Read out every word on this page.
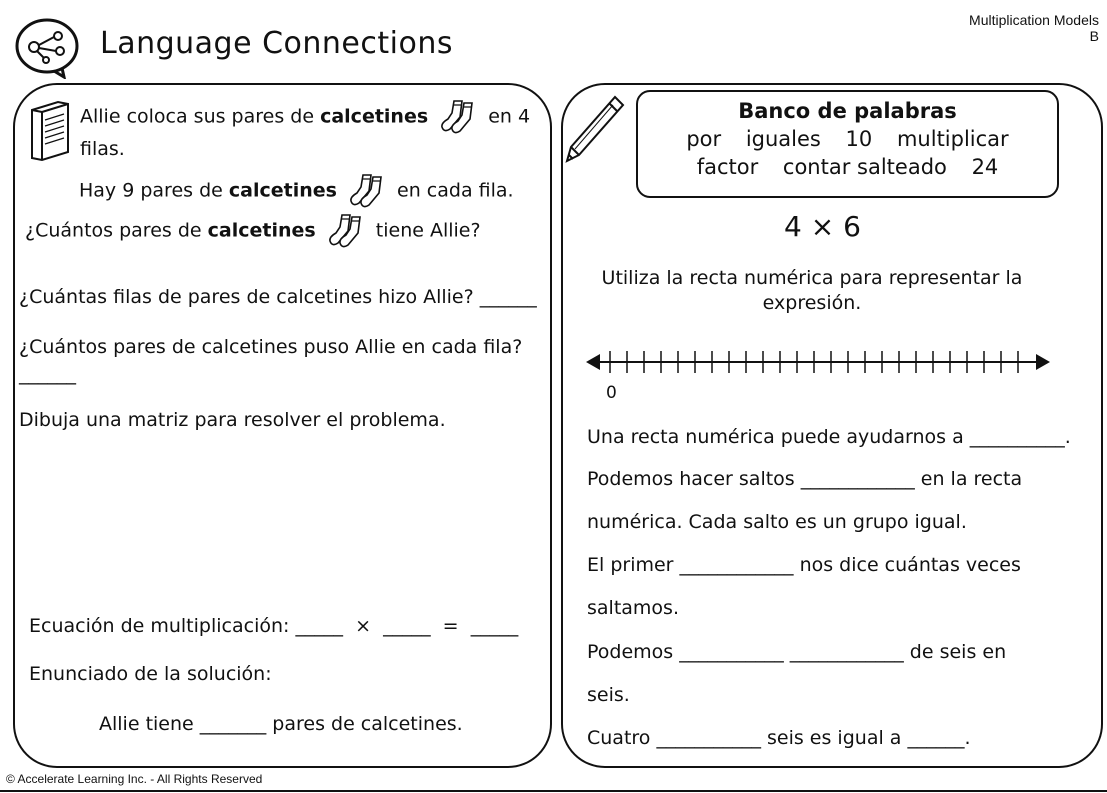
Language Connections
Multiplication Models
B
Allie coloca sus pares de calcetines	en 4
filas.
Hay 9 pares de calcetines	en cada fila.
¿Cuántos pares de calcetines	tiene Allie?
¿Cuántas filas de pares de calcetines hizo Allie? ______
¿Cuántos pares de calcetines puso Allie en cada fila?
______
Dibuja una matriz para resolver el problema.
Ecuación de multiplicación: _____ × _____ = _____
Enunciado de la solución:
Allie tiene _______ pares de calcetines.
Banco de palabras
por iguales 10 multiplicar
factor contar salteado 24
4 × 6
Utiliza la recta numérica para representar la expresión.
0
Una recta numérica puede ayudarnos a __________.
Podemos hacer saltos ____________ en la recta
numérica. Cada salto es un grupo igual.
El primer ____________ nos dice cuántas veces
saltamos.
Podemos ___________ ____________ de seis en
seis.
Cuatro ___________ seis es igual a ______.
© Accelerate Learning Inc. - All Rights Reserved
